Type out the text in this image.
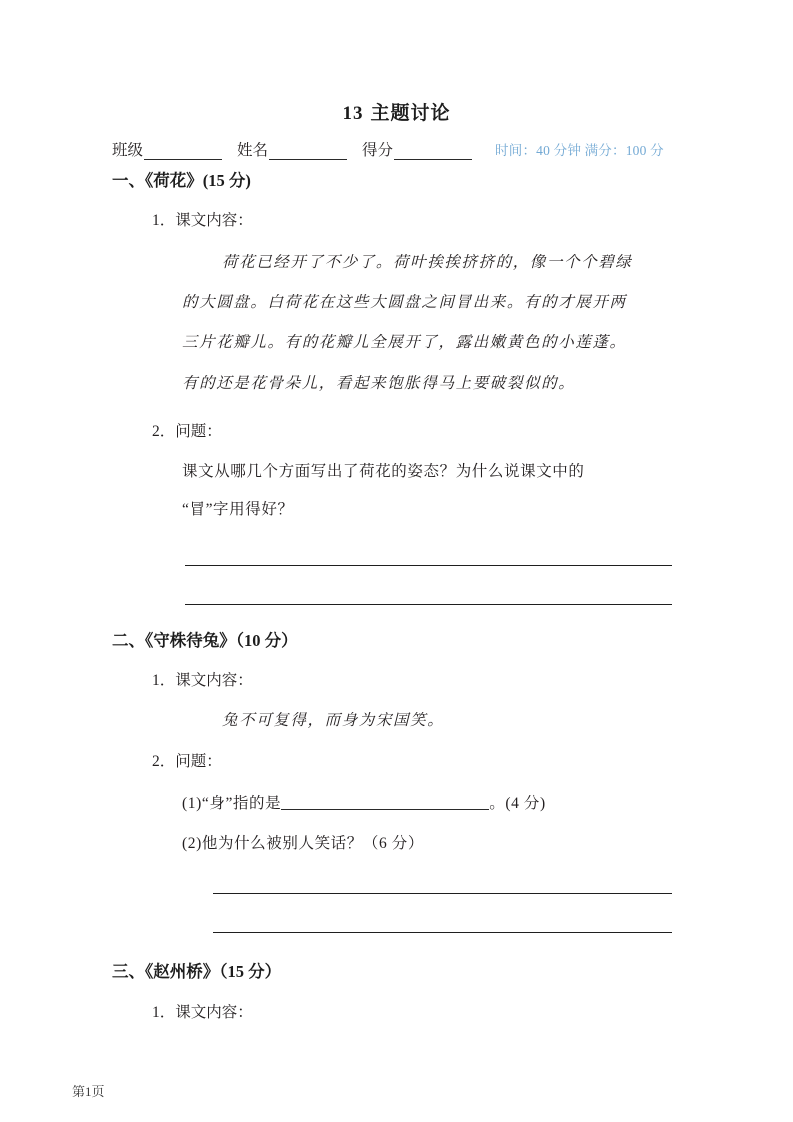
13 主题讨论
班级	姓名	得分	时间：40 分钟 满分：100 分
一、《荷花》(15 分)
1．课文内容：
荷花已经开了不少了。荷叶挨挨挤挤的，像一个个碧绿
的大圆盘。白荷花在这些大圆盘之间冒出来。有的才展开两
三片花瓣儿。有的花瓣儿全展开了，露出嫩黄色的小莲蓬。
有的还是花骨朵儿，看起来饱胀得马上要破裂似的。
2．问题：
课文从哪几个方面写出了荷花的姿态？为什么说课文中的
“冒”字用得好？
二、《守株待兔》（10 分）
1．课文内容：
兔不可复得，而身为宋国笑。
2．问题：
(1)“身”指的是	。(4 分)
(2)他为什么被别人笑话？（6 分）
三、《赵州桥》（15 分）
1．课文内容：
第1页
